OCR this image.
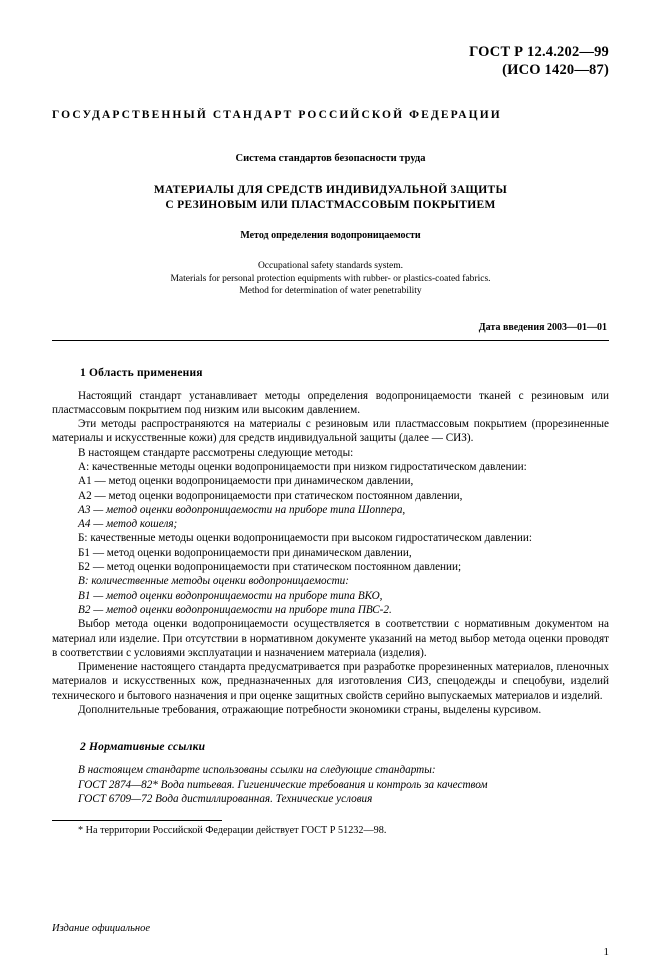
ГОСТ Р 12.4.202—99
(ИСО 1420—87)
ГОСУДАРСТВЕННЫЙ СТАНДАРТ РОССИЙСКОЙ ФЕДЕРАЦИИ
Система стандартов безопасности труда
МАТЕРИАЛЫ ДЛЯ СРЕДСТВ ИНДИВИДУАЛЬНОЙ ЗАЩИТЫ
С РЕЗИНОВЫМ ИЛИ ПЛАСТМАССОВЫМ ПОКРЫТИЕМ
Метод определения водопроницаемости
Occupational safety standards system.
Materials for personal protection equipments with rubber- or plastics-coated fabrics.
Method for determination of water penetrability
Дата введения 2003—01—01
1 Область применения

Настоящий стандарт устанавливает методы определения водопроницаемости тканей с резиновым или пластмассовым покрытием под низким или высоким давлением.

Эти методы распространяются на материалы с резиновым или пластмассовым покрытием (прорезиненные материалы и искусственные кожи) для средств индивидуальной защиты (далее — СИЗ).

В настоящем стандарте рассмотрены следующие методы:

А: качественные методы оценки водопроницаемости при низком гидростатическом давлении:

А1 — метод оценки водопроницаемости при динамическом давлении,

А2 — метод оценки водопроницаемости при статическом постоянном давлении,

А3 — метод оценки водопроницаемости на приборе типа Шоппера,

А4 — метод кошеля;

Б: качественные методы оценки водопроницаемости при высоком гидростатическом давлении:

Б1 — метод оценки водопроницаемости при динамическом давлении,

Б2 — метод оценки водопроницаемости при статическом постоянном давлении;

В: количественные методы оценки водопроницаемости:

В1 — метод оценки водопроницаемости на приборе типа ВКО,

В2 — метод оценки водопроницаемости на приборе типа ПВС-2.

Выбор метода оценки водопроницаемости осуществляется в соответствии с нормативным документом на материал или изделие. При отсутствии в нормативном документе указаний на метод выбор метода оценки проводят в соответствии с условиями эксплуатации и назначением материала (изделия).

Применение настоящего стандарта предусматривается при разработке прорезиненных материалов, пленочных материалов и искусственных кож, предназначенных для изготовления СИЗ, спецодежды и спецобуви, изделий технического и бытового назначения и при оценке защитных свойств серийно выпускаемых материалов и изделий.

Дополнительные требования, отражающие потребности экономики страны, выделены курсивом.

2 Нормативные ссылки

В настоящем стандарте использованы ссылки на следующие стандарты:

ГОСТ 2874—82* Вода питьевая. Гигиенические требования и контроль за качеством

ГОСТ 6709—72 Вода дистиллированная. Технические условия

* На территории Российской Федерации действует ГОСТ Р 51232—98.

Издание официальное
1
